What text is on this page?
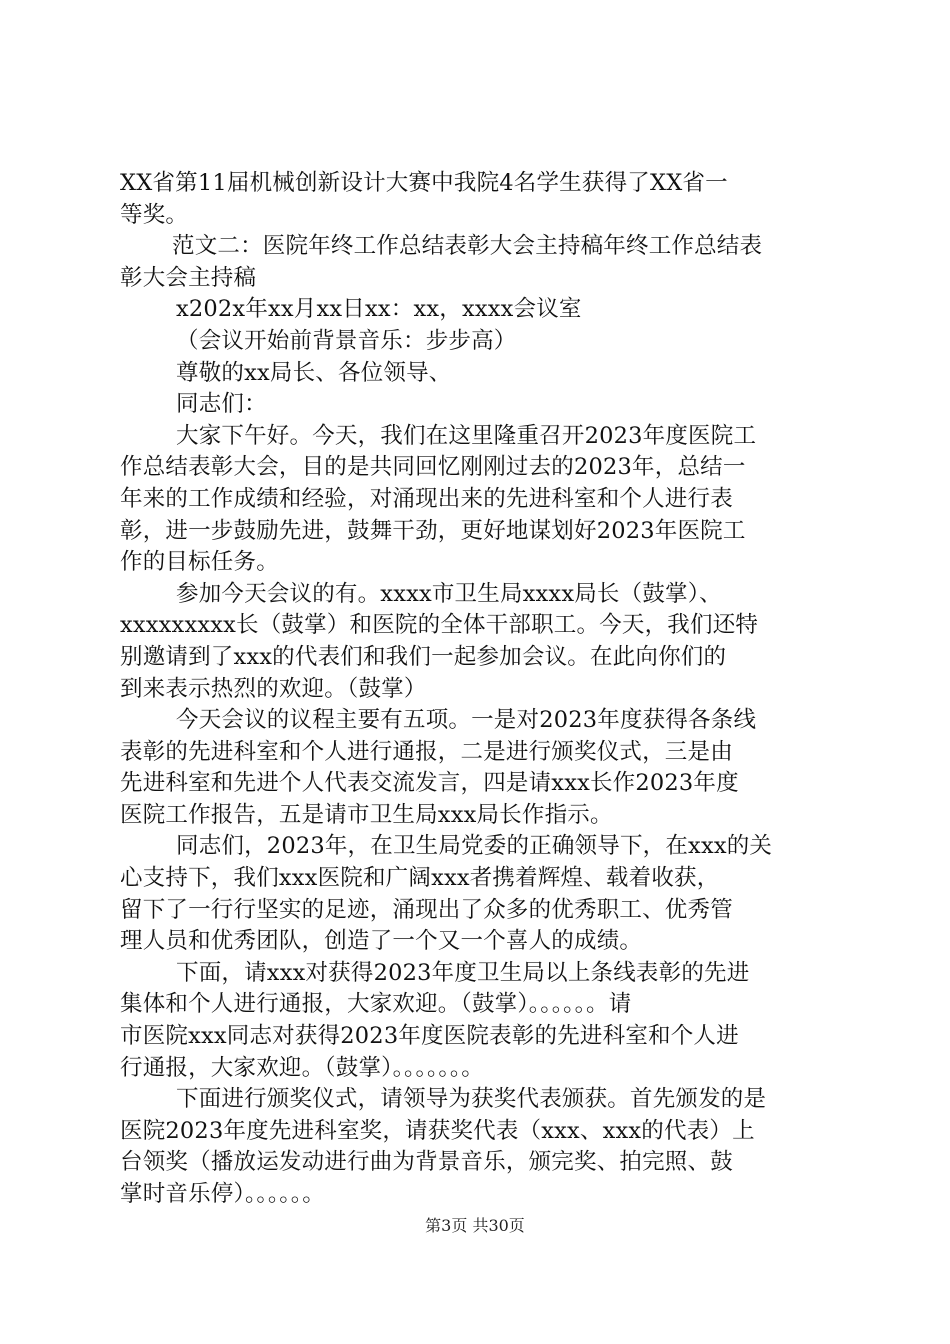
XX省第11届机械创新设计大赛中我院4名学生获得了XX省一
等奖。
范文二：医院年终工作总结表彰大会主持稿年终工作总结表
彰大会主持稿
x202x年xx月xx日xx：xx，xxxx会议室
（会议开始前背景音乐：步步高）
尊敬的xx局长、各位领导、
同志们：
大家下午好。今天，我们在这里隆重召开2023年度医院工
作总结表彰大会，目的是共同回忆刚刚过去的2023年，总结一
年来的工作成绩和经验，对涌现出来的先进科室和个人进行表
彰，进一步鼓励先进，鼓舞干劲，更好地谋划好2023年医院工
作的目标任务。
参加今天会议的有。xxxx市卫生局xxxx局长（鼓掌）、
xxxxxxxxx长（鼓掌）和医院的全体干部职工。今天，我们还特
别邀请到了xxx的代表们和我们一起参加会议。在此向你们的
到来表示热烈的欢迎。（鼓掌）
今天会议的议程主要有五项。一是对2023年度获得各条线
表彰的先进科室和个人进行通报，二是进行颁奖仪式，三是由
先进科室和先进个人代表交流发言，四是请xxx长作2023年度
医院工作报告，五是请市卫生局xxx局长作指示。
同志们，2023年，在卫生局党委的正确领导下，在xxx的关
心支持下，我们xxx医院和广阔xxx者携着辉煌、载着收获，
留下了一行行坚实的足迹，涌现出了众多的优秀职工、优秀管
理人员和优秀团队，创造了一个又一个喜人的成绩。
下面，请xxx对获得2023年度卫生局以上条线表彰的先进
集体和个人进行通报，大家欢迎。（鼓掌）。。。。。。请
市医院xxx同志对获得2023年度医院表彰的先进科室和个人进
行通报，大家欢迎。（鼓掌）。。。。。。。
下面进行颁奖仪式，请领导为获奖代表颁获。首先颁发的是
医院2023年度先进科室奖，请获奖代表（xxx、xxx的代表）上
台领奖（播放运发动进行曲为背景音乐，颁完奖、拍完照、鼓
掌时音乐停）。。。。。。
第3页 共30页
